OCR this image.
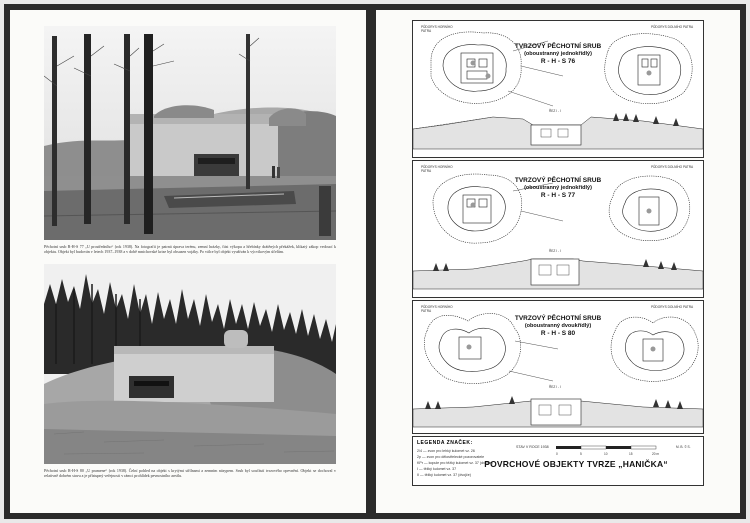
Pěchotní srub R-H-S 77 „U prostředního“ (rok 1938). Na fotografii je patrná úprava terénu, zemní hrázky, část výkopu a hřebínky drátěných překážek, klikatý zákop vedoucí k objektu. Objekt byl budován v letech 1937–1938 a v době mnichovské krize byl obsazen vojáky. Po válce byl objekt využíván k výcvikovým účelům.
Pěchotní srub R-H-S 80 „U pramene“ (rok 1938). Čelní pohled na objekt s krytými střílnami a zemním násypem. Srub byl součástí tvrzového opevnění. Objekt se dochoval v relativně dobrém stavu a je přístupný veřejnosti v rámci prohlídek pevnostního areálu.
TVRZOVÝ PĚCHOTNÍ SRUB
(oboustranný jednokřídlý)
R - H - S 76
PŮDORYS HORNÍHO PATRA
PŮDORYS DOLNÍHO PATRA
ŘEZ I - I
TVRZOVÝ PĚCHOTNÍ SRUB
(oboustranný jednokřídlý)
R - H - S 77
PŮDORYS HORNÍHO PATRA
PŮDORYS DOLNÍHO PATRA
ŘEZ I - I
TVRZOVÝ PĚCHOTNÍ SRUB
(oboustranný dvoukřídlý)
R - H - S 80
PŮDORYS HORNÍHO PATRA
PŮDORYS DOLNÍHO PATRA
ŘEZ I - I
LEGENDA ZNAČEK:
2/4 — zvon pro lehký kulomet vz. 26
2p — zvon pro dělostřelecké pozorovatele
KPr — kopule pro těžký kulomet vz. 37 (dvojče)
I — těžký kulomet vz. 37
II — těžký kulomet vz. 37 (dvojče)
STAV V ROCE 1938
0	5	10	15	20 m
M. B. © S.
POVRCHOVÉ OBJEKTY TVRZE „HANIČKA“
